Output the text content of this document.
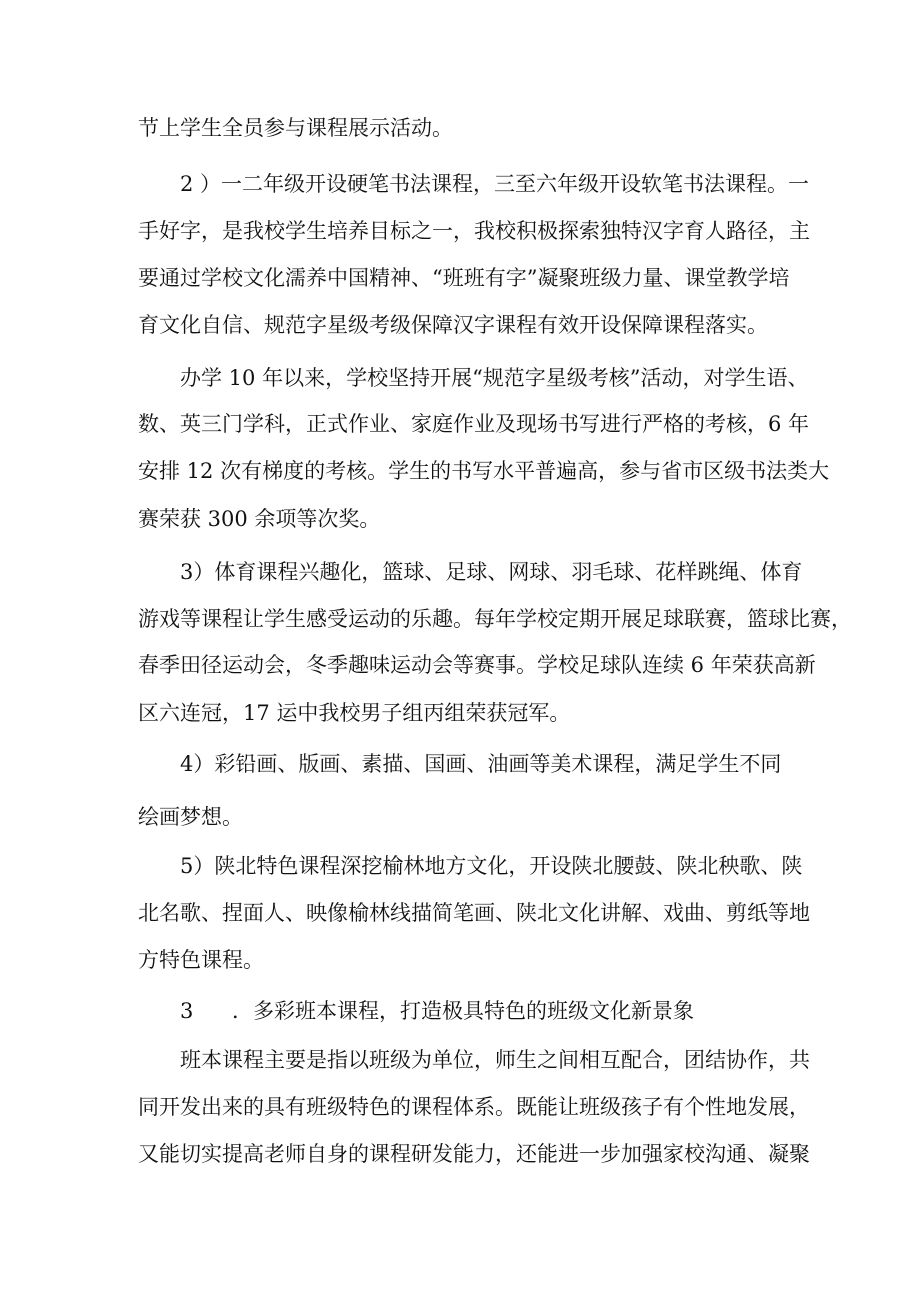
节上学生全员参与课程展示活动。
2 ）一二年级开设硬笔书法课程，三至六年级开设软笔书法课程。一
手好字，是我校学生培养目标之一，我校积极探索独特汉字育人路径，主
要通过学校文化濡养中国精神、“班班有字”凝聚班级力量、课堂教学培
育文化自信、规范字星级考级保障汉字课程有效开设保障课程落实。
办学 10 年以来，学校坚持开展“规范字星级考核”活动，对学生语、
数、英三门学科，正式作业、家庭作业及现场书写进行严格的考核，6 年
安排 12 次有梯度的考核。学生的书写水平普遍高，参与省市区级书法类大
赛荣获 300 余项等次奖。
3）体育课程兴趣化，篮球、足球、网球、羽毛球、花样跳绳、体育
游戏等课程让学生感受运动的乐趣。每年学校定期开展足球联赛，篮球比赛，
春季田径运动会，冬季趣味运动会等赛事。学校足球队连续 6 年荣获高新
区六连冠，17 运中我校男子组丙组荣获冠军。
4）彩铅画、版画、素描、国画、油画等美术课程，满足学生不同
绘画梦想。
5）陕北特色课程深挖榆林地方文化，开设陕北腰鼓、陕北秧歌、陕
北名歌、捏面人、映像榆林线描简笔画、陕北文化讲解、戏曲、剪纸等地
方特色课程。
3 ．多彩班本课程，打造极具特色的班级文化新景象
班本课程主要是指以班级为单位，师生之间相互配合，团结协作，共
同开发出来的具有班级特色的课程体系。既能让班级孩子有个性地发展，
又能切实提高老师自身的课程研发能力，还能进一步加强家校沟通、凝聚
